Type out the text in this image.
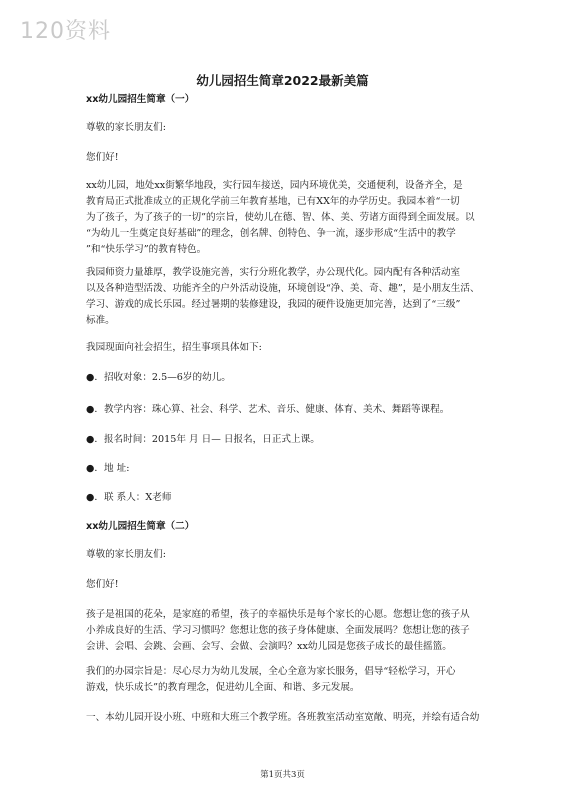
120资料
幼儿园招生简章2022最新美篇
xx幼儿园招生简章（一）
尊敬的家长朋友们:
您们好!
xx幼儿园，地处xx街繁华地段，实行园车接送，园内环境优美，交通便利，设备齐全，是
教育局正式批准成立的正规化学前三年教育基地，已有XX年的办学历史。我园本着“一切
为了孩子，为了孩子的一切”的宗旨，使幼儿在德、智、体、美、劳诸方面得到全面发展。以
“为幼儿一生奠定良好基础”的理念，创名牌、创特色、争一流，逐步形成“生活中的教学
”和“快乐学习”的教育特色。
我园师资力量雄厚，教学设施完善，实行分班化教学，办公现代化。园内配有各种活动室
以及各种造型活泼、功能齐全的户外活动设施，环境创设“净、美、奇、趣”，是小朋友生活、
学习、游戏的成长乐园。经过暑期的装修建设，我园的硬件设施更加完善，达到了“三级”
标准。
我园现面向社会招生，招生事项具体如下:
●．招收对象：2.5—6岁的幼儿。
●．教学内容：珠心算、社会、科学、艺术、音乐、健康、体育、美术、舞蹈等课程。
●．报名时间：2015年 月 日— 日报名，日正式上课。
●．地 址:
●．联 系人：X老师
xx幼儿园招生简章（二）
尊敬的家长朋友们:
您们好!
孩子是祖国的花朵，是家庭的希望，孩子的幸福快乐是每个家长的心愿。您想让您的孩子从
小养成良好的生活、学习习惯吗？您想让您的孩子身体健康、全面发展吗？您想让您的孩子
会讲、会唱、会跳、会画、会写、会做、会演吗？xx幼儿园是您孩子成长的最佳摇篮。
我们的办园宗旨是：尽心尽力为幼儿发展，全心全意为家长服务，倡导“轻松学习，开心
游戏，快乐成长”的教育理念，促进幼儿全面、和谐、多元发展。
一、本幼儿园开设小班、中班和大班三个教学班。各班教室活动室宽敞、明亮，并绘有适合幼
第1页共3页
